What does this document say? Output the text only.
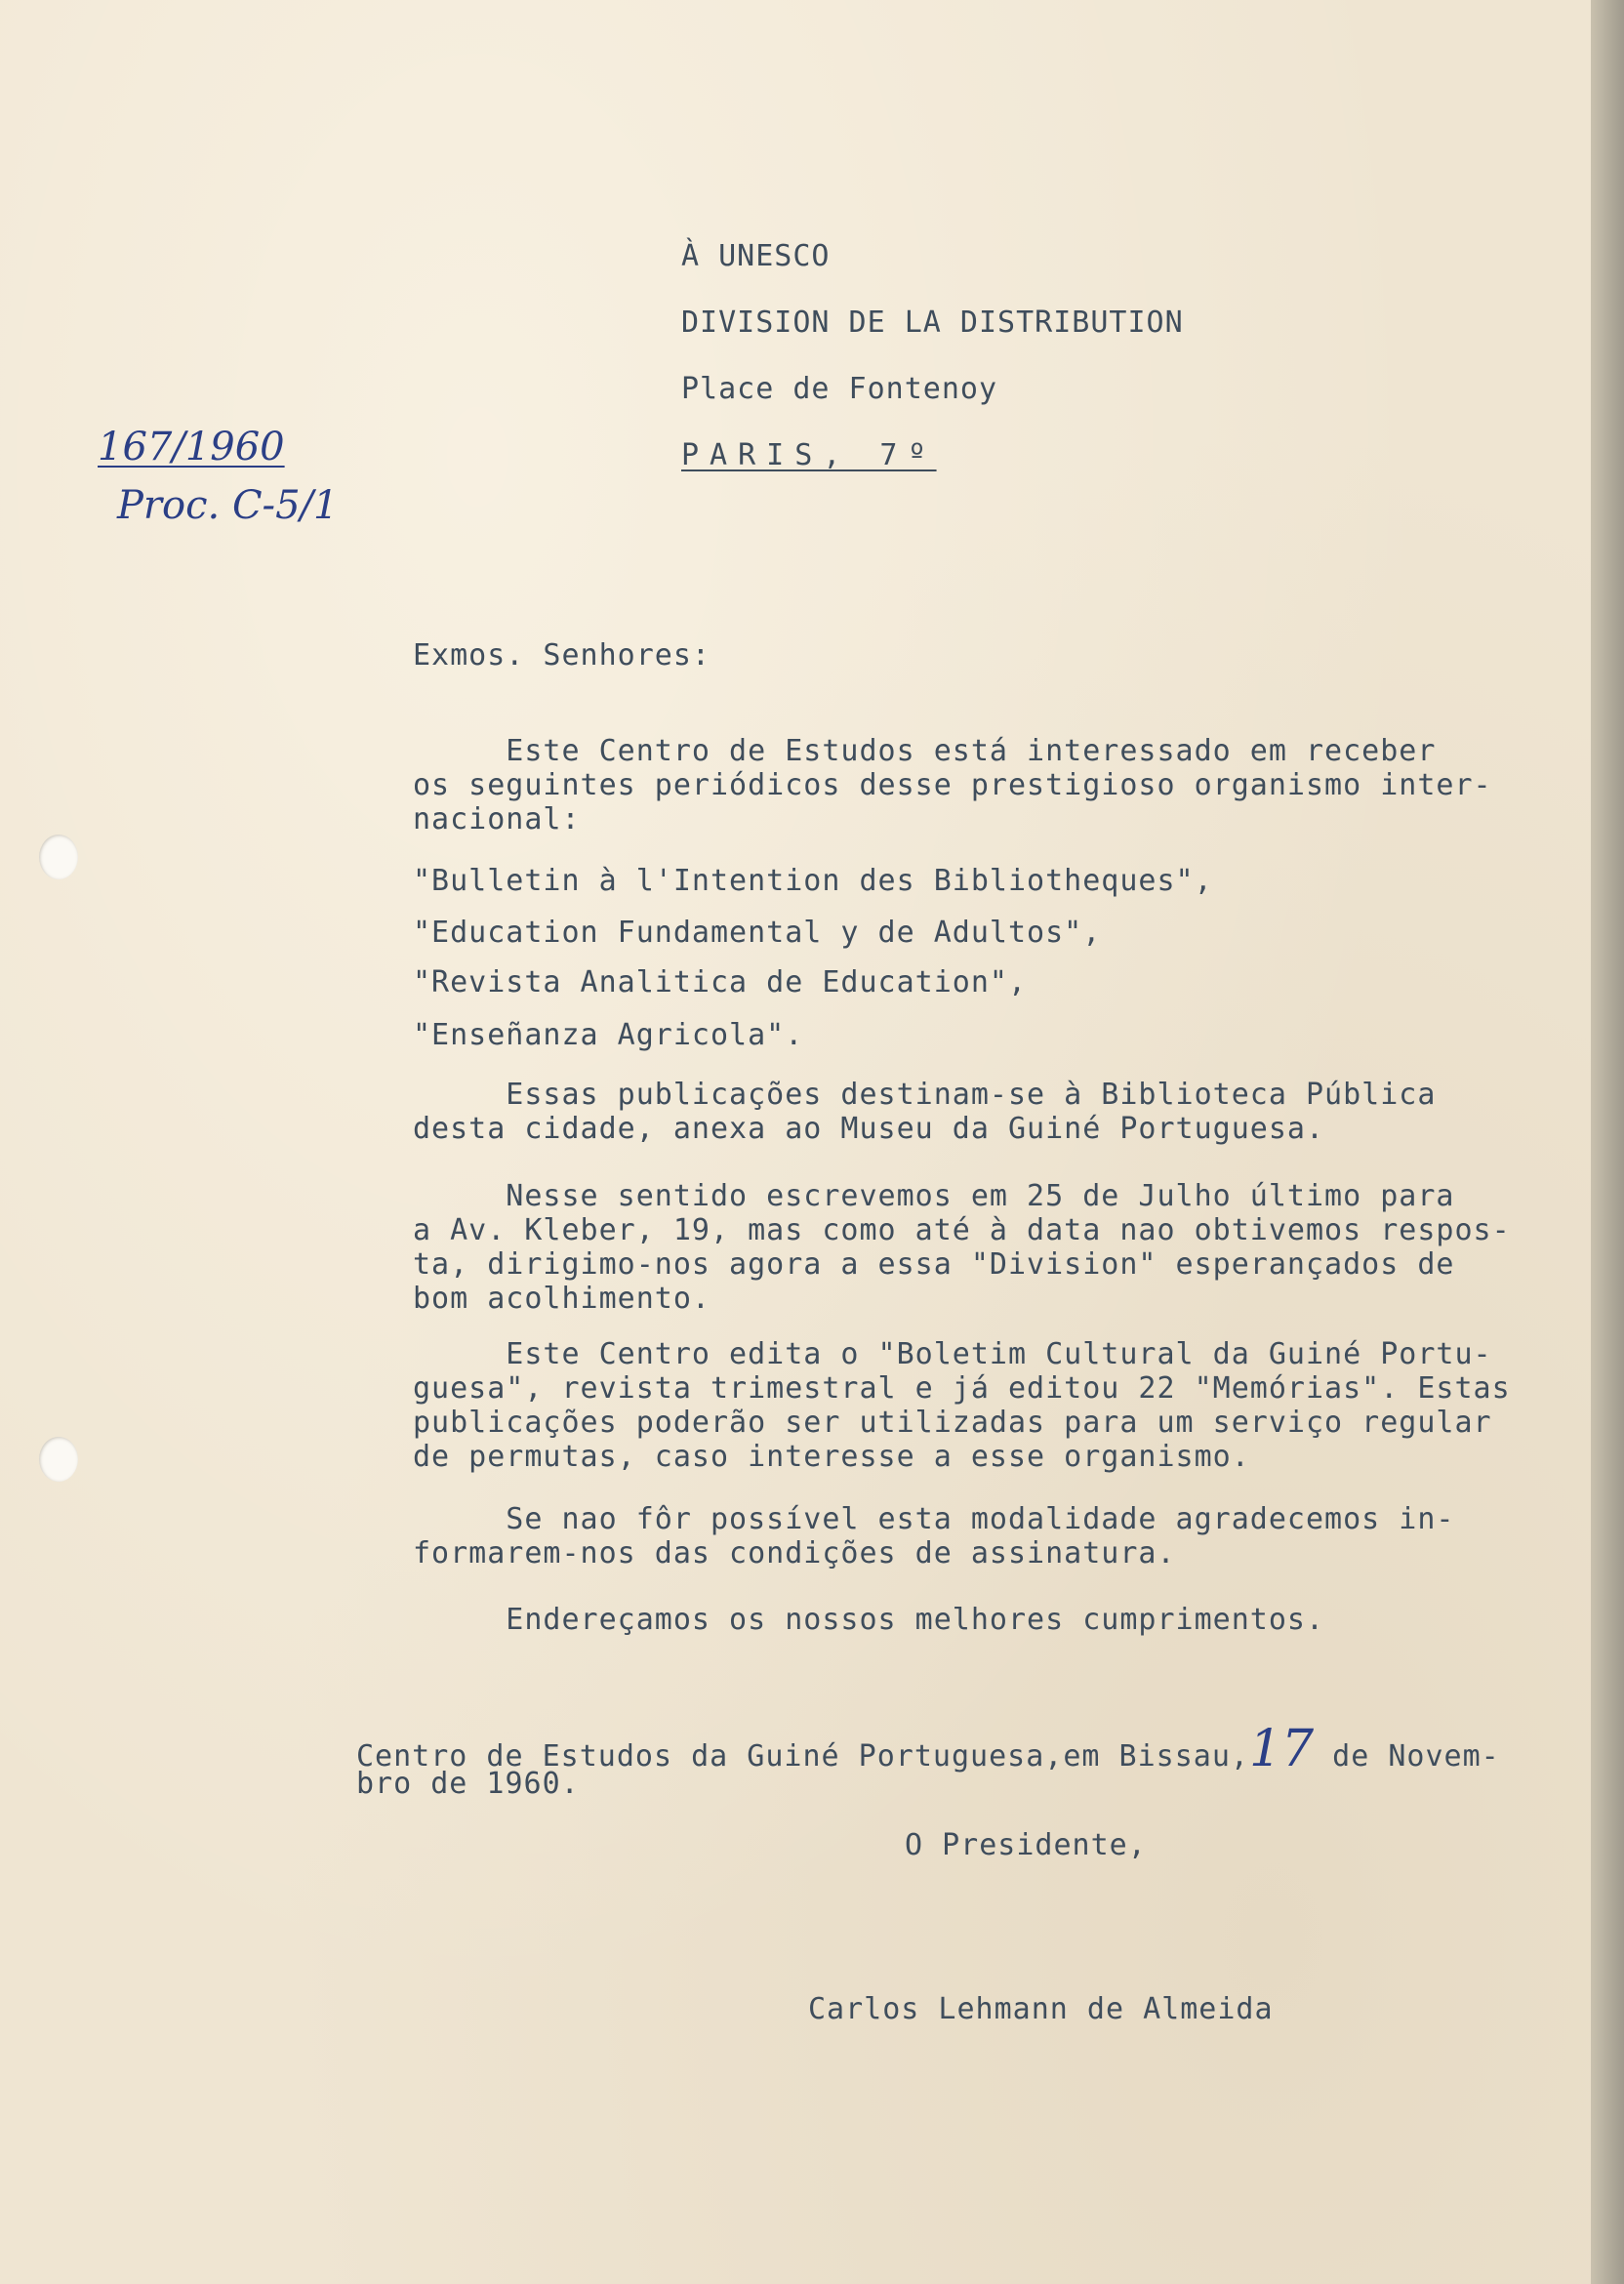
À UNESCO

DIVISION DE LA DISTRIBUTION

Place de Fontenoy

PARIS, 7º

167/1960

Proc. C-5/1

Exmos. Senhores:

Este Centro de Estudos está interessado em receber

os seguintes periódicos desse prestigioso organismo inter-

nacional:

"Bulletin à l'Intention des Bibliotheques",

"Education Fundamental y de Adultos",

"Revista Analitica de Education",

"Enseñanza Agricola".

Essas publicações destinam-se à Biblioteca Pública

desta cidade, anexa ao Museu da Guiné Portuguesa.

Nesse sentido escrevemos em 25 de Julho último para

a Av. Kleber, 19, mas como até à data nao obtivemos respos-

ta, dirigimo-nos agora a essa "Division" esperançados de

bom acolhimento.

Este Centro edita o "Boletim Cultural da Guiné Portu-

guesa", revista trimestral e já editou 22 "Memórias". Estas

publicações poderão ser utilizadas para um serviço regular

de permutas, caso interesse a esse organismo.

Se nao fôr possível esta modalidade agradecemos in-

formarem-nos das condições de assinatura.

Endereçamos os nossos melhores cumprimentos.

Centro de Estudos da Guiné Portuguesa,em Bissau,17 de Novem-

bro de 1960.

O Presidente,

Carlos Lehmann de Almeida
